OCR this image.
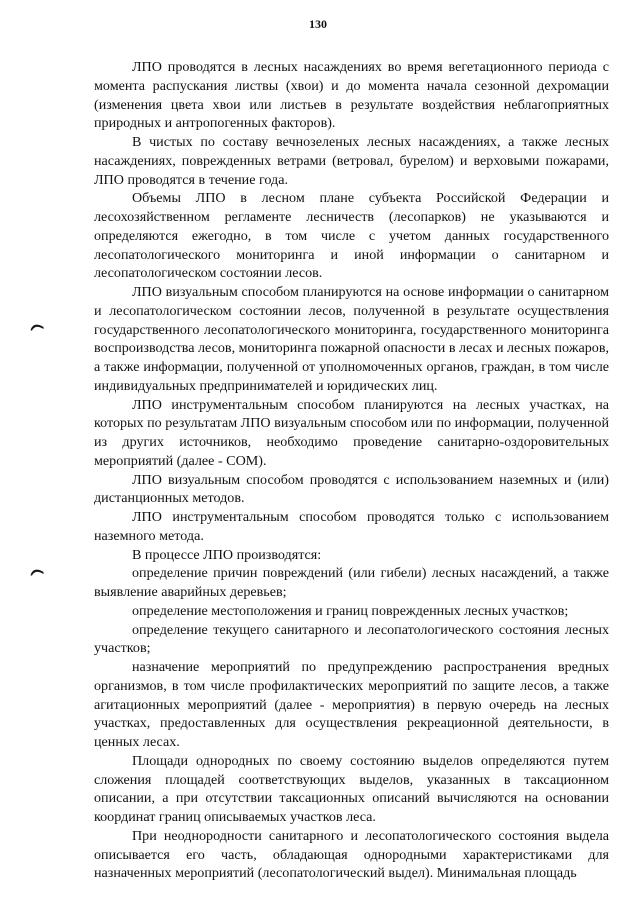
130

ЛПО проводятся в лесных насаждениях во время вегетационного периода с момента распускания листвы (хвои) и до момента начала сезонной дехромации (изменения цвета хвои или листьев в результате воздействия неблагоприятных природных и антропогенных факторов).

В чистых по составу вечнозеленых лесных насаждениях, а также лесных насаждениях, поврежденных ветрами (ветровал, бурелом) и верховыми пожарами, ЛПО проводятся в течение года.

Объемы ЛПО в лесном плане субъекта Российской Федерации и лесохозяйственном регламенте лесничеств (лесопарков) не указываются и определяются ежегодно, в том числе с учетом данных государственного лесопатологического мониторинга и иной информации о санитарном и лесопатологическом состоянии лесов.

ЛПО визуальным способом планируются на основе информации о санитарном и лесопатологическом состоянии лесов, полученной в результате осуществления государственного лесопатологического мониторинга, государственного мониторинга воспроизводства лесов, мониторинга пожарной опасности в лесах и лесных пожаров, а также информации, полученной от уполномоченных органов, граждан, в том числе индивидуальных предпринимателей и юридических лиц.

ЛПО инструментальным способом планируются на лесных участках, на которых по результатам ЛПО визуальным способом или по информации, полученной из других источников, необходимо проведение санитарно-оздоровительных мероприятий (далее - СОМ).

ЛПО визуальным способом проводятся с использованием наземных и (или) дистанционных методов.

ЛПО инструментальным способом проводятся только с использованием наземного метода.

В процессе ЛПО производятся:

определение причин повреждений (или гибели) лесных насаждений, а также выявление аварийных деревьев;

определение местоположения и границ поврежденных лесных участков;

определение текущего санитарного и лесопатологического состояния лесных участков;

назначение мероприятий по предупреждению распространения вредных организмов, в том числе профилактических мероприятий по защите лесов, а также агитационных мероприятий (далее - мероприятия) в первую очередь на лесных участках, предоставленных для осуществления рекреационной деятельности, в ценных лесах.

Площади однородных по своему состоянию выделов определяются путем сложения площадей соответствующих выделов, указанных в таксационном описании, а при отсутствии таксационных описаний вычисляются на основании координат границ описываемых участков леса.

При неоднородности санитарного и лесопатологического состояния выдела описывается его часть, обладающая однородными характеристиками для назначенных мероприятий (лесопатологический выдел). Минимальная площадь
